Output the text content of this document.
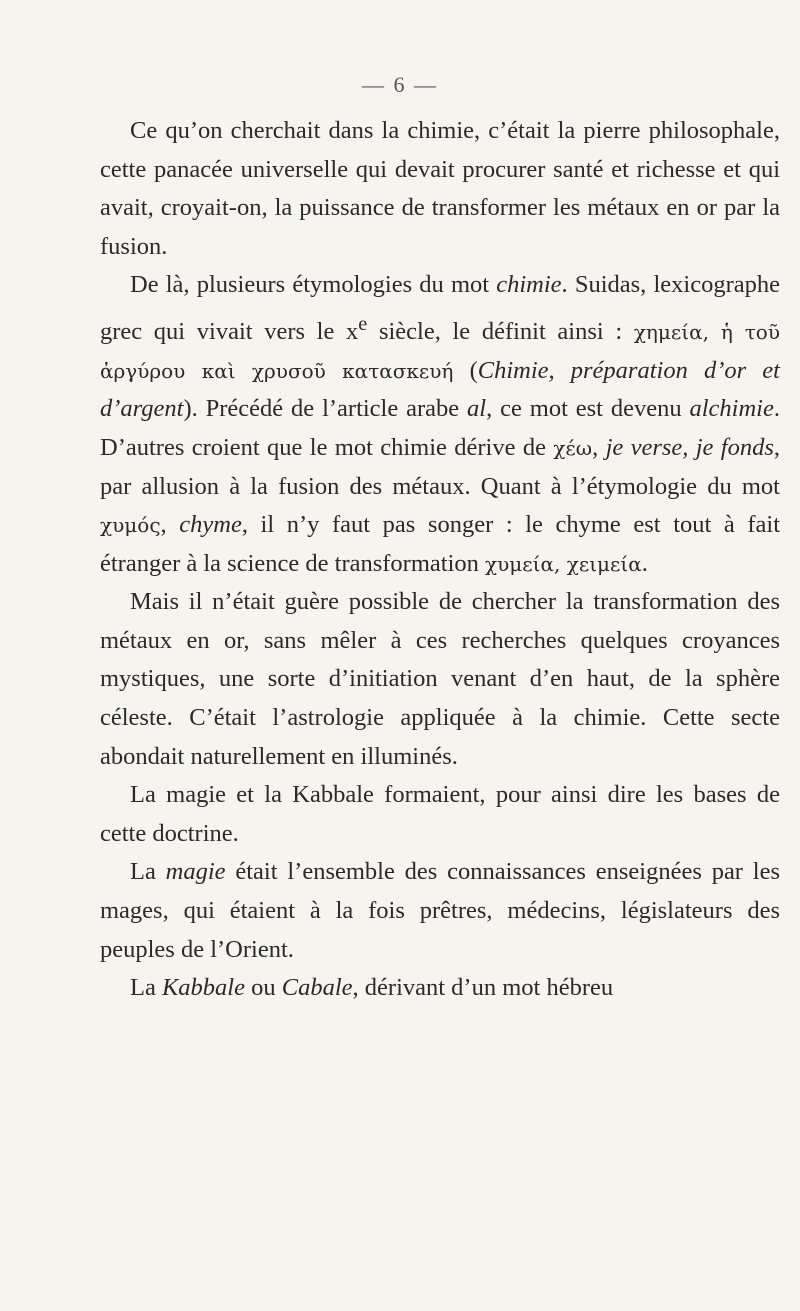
— 6 —

Ce qu’on cherchait dans la chimie, c’était la pierre philosophale, cette panacée universelle qui devait procurer santé et richesse et qui avait, croyait-on, la puissance de transformer les métaux en or par la fusion.

De là, plusieurs étymologies du mot chimie. Suidas, lexicographe grec qui vivait vers le $x^e$ siècle, le définit ainsi : χημεία, ἡ τοῦ ἀργύρου καὶ χρυσοῦ κατασκευή (Chimie, préparation d’or et d’argent). Précédé de l’article arabe al, ce mot est devenu alchimie. D’autres croient que le mot chimie dérive de χέω, je verse, je fonds, par allusion à la fusion des métaux. Quant à l’étymologie du mot χυμός, chyme, il n’y faut pas songer : le chyme est tout à fait étranger à la science de transformation χυμεία, χειμεία.

Mais il n’était guère possible de chercher la transformation des métaux en or, sans mêler à ces recherches quelques croyances mystiques, une sorte d’initiation venant d’en haut, de la sphère céleste. C’était l’astrologie appliquée à la chimie. Cette secte abondait naturellement en illuminés.

La magie et la Kabbale formaient, pour ainsi dire les bases de cette doctrine.

La magie était l’ensemble des connaissances enseignées par les mages, qui étaient à la fois prêtres, médecins, législateurs des peuples de l’Orient.

La Kabbale ou Cabale, dérivant d’un mot hébreu
